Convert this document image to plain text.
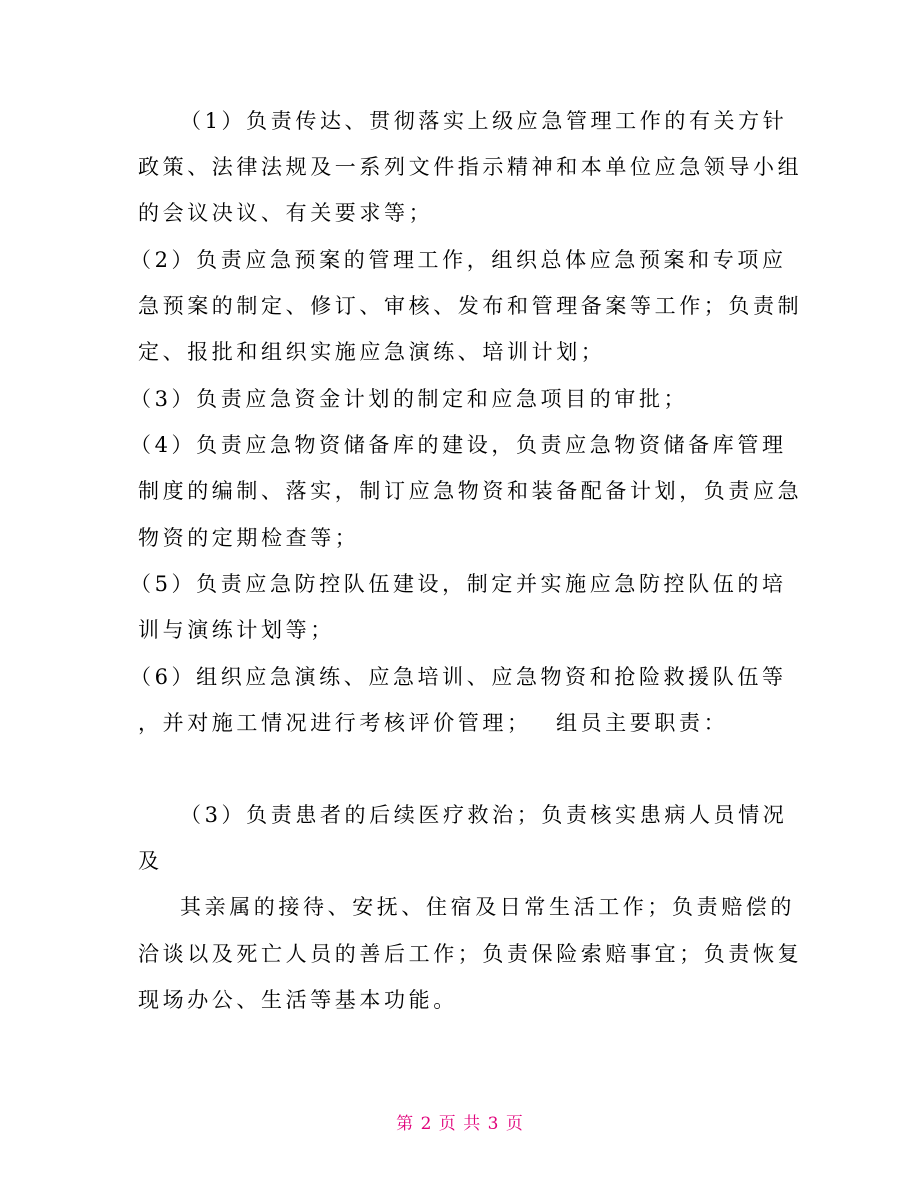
（1）负责传达、贯彻落实上级应急管理工作的有关方针
政策、法律法规及一系列文件指示精神和本单位应急领导小组
的会议决议、有关要求等；
（2）负责应急预案的管理工作，组织总体应急预案和专项应
急预案的制定、修订、审核、发布和管理备案等工作；负责制
定、报批和组织实施应急演练、培训计划；
（3）负责应急资金计划的制定和应急项目的审批；
（4）负责应急物资储备库的建设，负责应急物资储备库管理
制度的编制、落实，制订应急物资和装备配备计划，负责应急
物资的定期检查等；
（5）负责应急防控队伍建设，制定并实施应急防控队伍的培
训与演练计划等；
（6）组织应急演练、应急培训、应急物资和抢险救援队伍等
，并对施工情况进行考核评价管理；　 组员主要职责：
（3）负责患者的后续医疗救治；负责核实患病人员情况
及
其亲属的接待、安抚、住宿及日常生活工作；负责赔偿的
洽谈以及死亡人员的善后工作；负责保险索赔事宜；负责恢复
现场办公、生活等基本功能。
第 2 页 共 3 页
